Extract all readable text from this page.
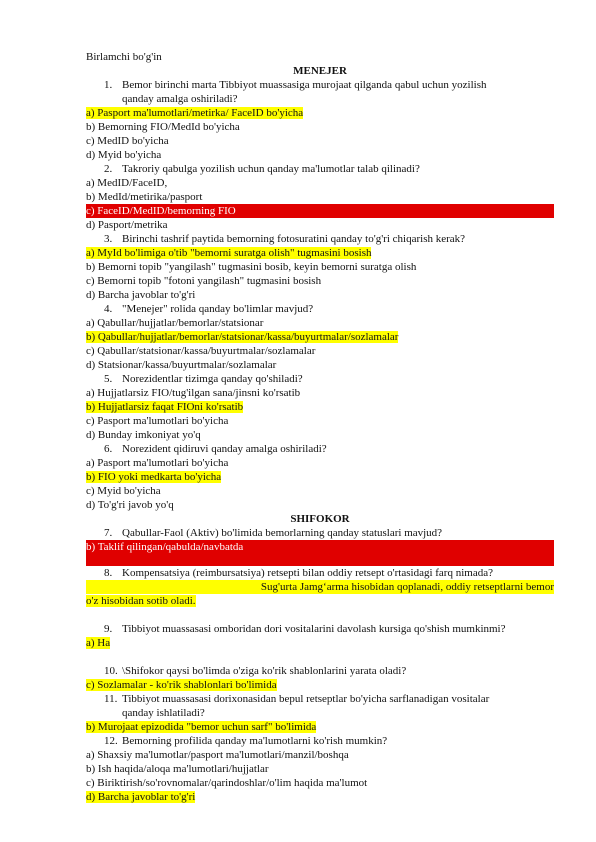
Birlamchi bo'g'in
MENEJER
1. Bemor birinchi marta Tibbiyot muassasiga murojaat qilganda qabul uchun yozilish
qanday amalga oshiriladi?
a) Pasport ma'lumotlari/metirka/ FaceID bo'yicha
b) Bemorning FIO/MedId bo'yicha
c) MedID bo'yicha
d) Myid bo'yicha
2. Takroriy qabulga yozilish uchun qanday ma'lumotlar talab qilinadi?
a) MedID/FaceID,
b) MedId/metirika/pasport
c) FaceID/MedID/bemorning FIO
d) Pasport/metrika
3. Birinchi tashrif paytida bemorning fotosuratini qanday to'g'ri chiqarish kerak?
a) MyId bo'limiga o'tib "bemorni suratga olish" tugmasini bosish
b) Bemorni topib "yangilash" tugmasini bosib, keyin bemorni suratga olish
c) Bemorni topib "fotoni yangilash" tugmasini bosish
d) Barcha javoblar to'g'ri
4. "Menejer" rolida qanday bo'limlar mavjud?
a) Qabullar/hujjatlar/bemorlar/statsionar
b) Qabullar/hujjatlar/bemorlar/statsionar/kassa/buyurtmalar/sozlamalar
c) Qabullar/statsionar/kassa/buyurtmalar/sozlamalar
d) Statsionar/kassa/buyurtmalar/sozlamalar
5. Norezidentlar tizimga qanday qo'shiladi?
a) Hujjatlarsiz FIO/tug'ilgan sana/jinsni ko'rsatib
b) Hujjatlarsiz faqat FIOni ko'rsatib
c) Pasport ma'lumotlari bo'yicha
d) Bunday imkoniyat yo'q
6. Norezident qidiruvi qanday amalga oshiriladi?
a) Pasport ma'lumotlari bo'yicha
b) FIO yoki medkarta bo'yicha
c) Myid bo'yicha
d) To'g'ri javob yo'q
SHIFOKOR
7. Qabullar-Faol (Aktiv) bo'limida bemorlarning qanday statuslari mavjud?
b) Taklif qilingan/qabulda/navbatda
8. Kompensatsiya (reimbursatsiya) retsepti bilan oddiy retsept o'rtasidagi farq nimada?
Sug'urta Jamg‘arma hisobidan qoplanadi, oddiy retseptlarni bemor
o'z hisobidan sotib oladi.
9. Tibbiyot muassasasi omboridan dori vositalarini davolash kursiga qo'shish mumkinmi?
a) Ha
10. \Shifokor qaysi bo'limda o'ziga ko'rik shablonlarini yarata oladi?
c) Sozlamalar - ko'rik shablonlari bo'limida
11. Tibbiyot muassasasi dorixonasidan bepul retseptlar bo'yicha sarflanadigan vositalar
qanday ishlatiladi?
b) Murojaat epizodida "bemor uchun sarf" bo'limida
12. Bemorning profilida qanday ma'lumotlarni ko'rish mumkin?
a) Shaxsiy ma'lumotlar/pasport ma'lumotlari/manzil/boshqa
b) Ish haqida/aloqa ma'lumotlari/hujjatlar
c) Biriktirish/so'rovnomalar/qarindoshlar/o'lim haqida ma'lumot
d) Barcha javoblar to'g'ri
